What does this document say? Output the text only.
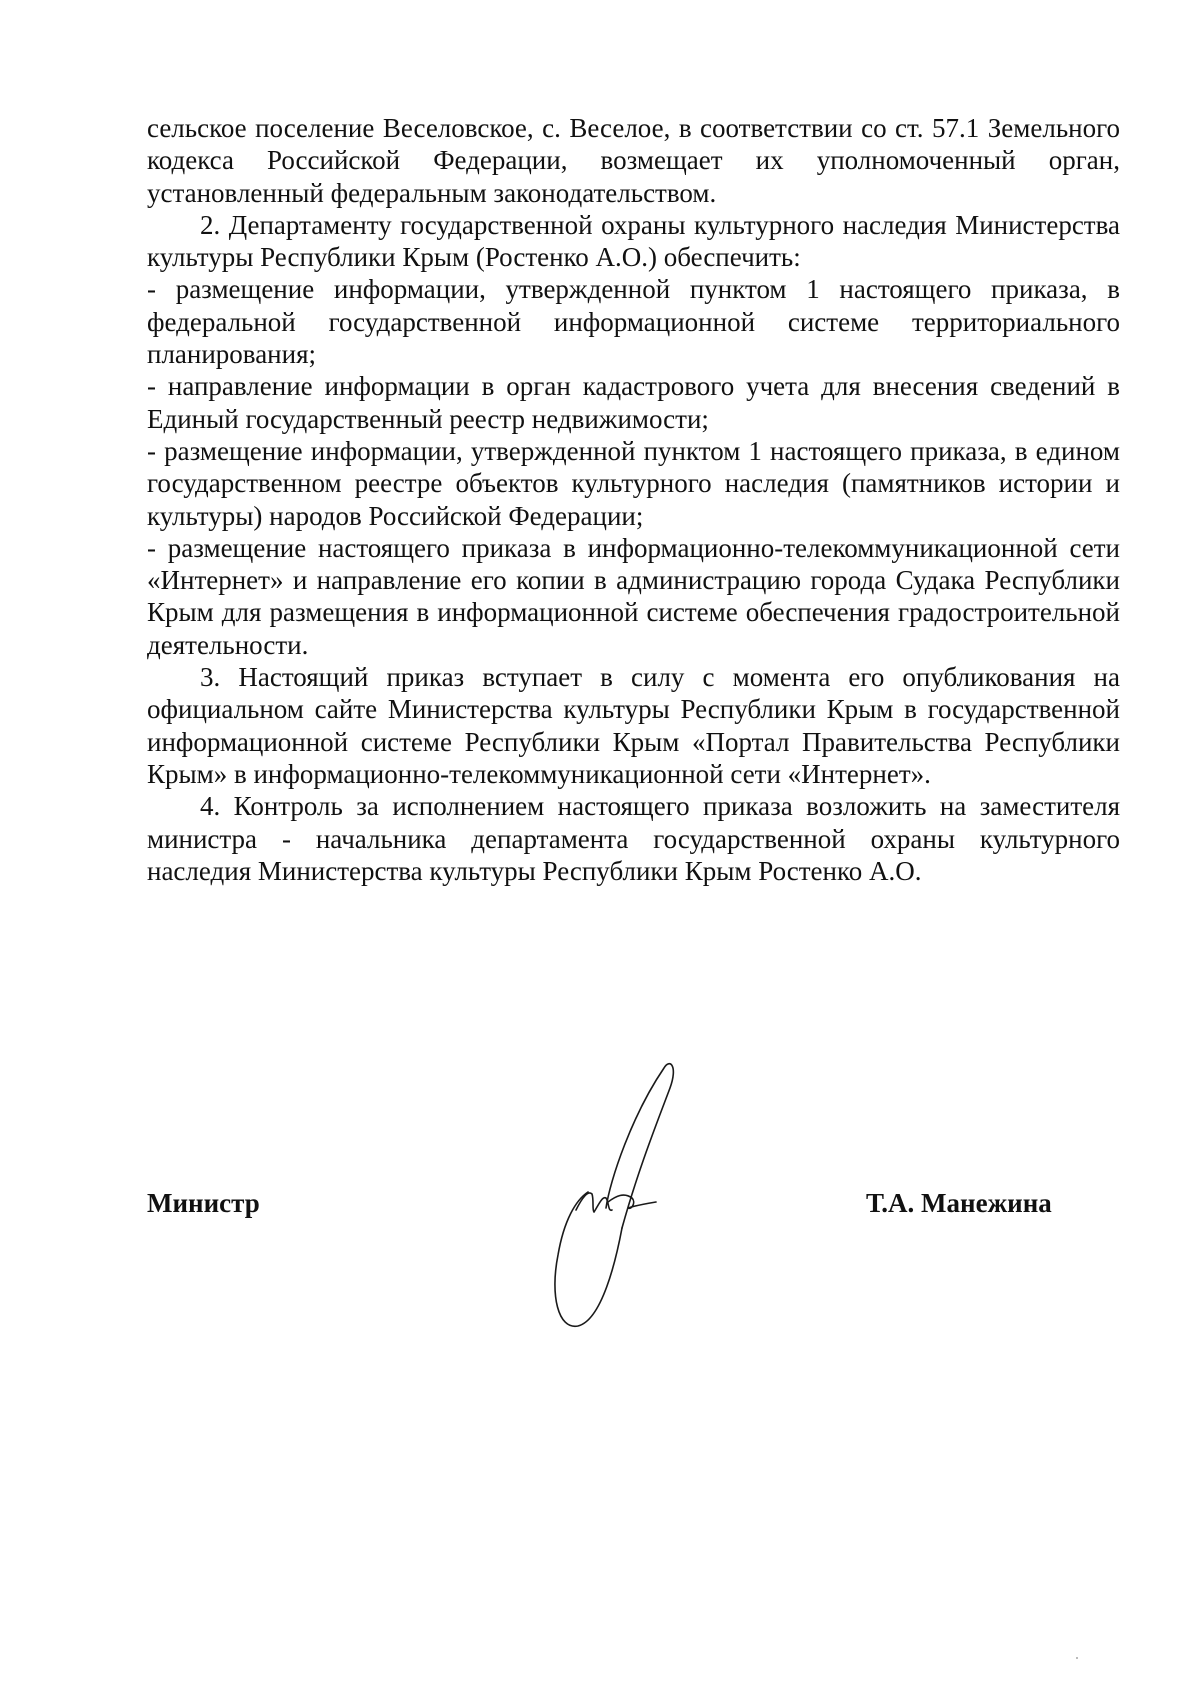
сельское поселение Веселовское, с. Веселое, в соответствии со ст. 57.1 Земельного кодекса Российской Федерации, возмещает их уполномоченный орган, установленный федеральным законодательством.

2. Департаменту государственной охраны культурного наследия Министерства культуры Республики Крым (Ростенко А.О.) обеспечить:

- размещение информации, утвержденной пунктом 1 настоящего приказа, в федеральной государственной информационной системе территориального планирования;

- направление информации в орган кадастрового учета для внесения сведений в Единый государственный реестр недвижимости;

- размещение информации, утвержденной пунктом 1 настоящего приказа, в едином государственном реестре объектов культурного наследия (памятников истории и культуры) народов Российской Федерации;

- размещение настоящего приказа в информационно-телекоммуникационной сети «Интернет» и направление его копии в администрацию города Судака Республики Крым для размещения в информационной системе обеспечения градостроительной деятельности.

3. Настоящий приказ вступает в силу с момента его опубликования на официальном сайте Министерства культуры Республики Крым в государственной информационной системе Республики Крым «Портал Правительства Республики Крым» в информационно-телекоммуникационной сети «Интернет».

4. Контроль за исполнением настоящего приказа возложить на заместителя министра - начальника департамента государственной охраны культурного наследия Министерства культуры Республики Крым Ростенко А.О.

Министр	Т.А. Манежина
